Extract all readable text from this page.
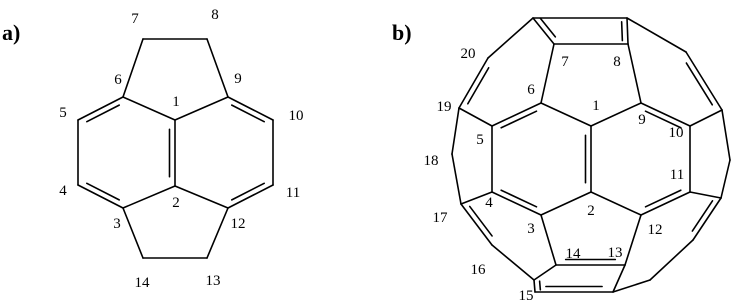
a)	b)
1
2
3
4
5
6
7	8
9
10
11
12
13
14
1
2
3
4
5
6
7	8
9
10
11
12
13
14
15
16
17
18
19
20
